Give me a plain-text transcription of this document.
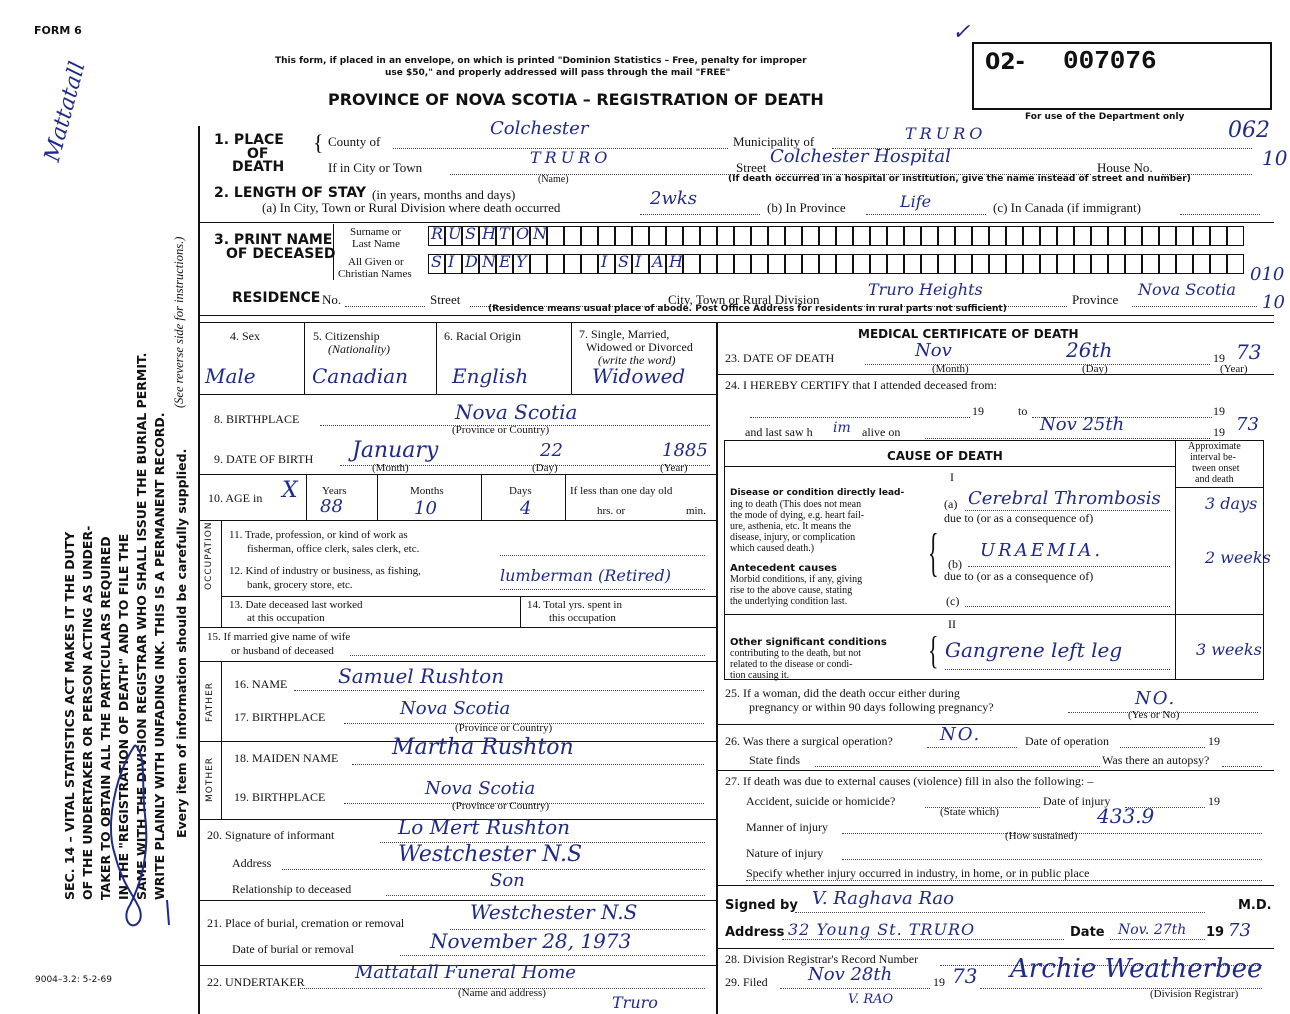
FORM 6
This form, if placed in an envelope, on which is printed "Dominion Statistics – Free, penalty for improper
use $50," and properly addressed will pass through the mail "FREE"
PROVINCE OF NOVA SCOTIA – REGISTRATION OF DEATH
✓
02- 007076
For use of the Department only
SEC. 14 – VITAL STATISTICS ACT MAKES IT THE DUTY OF THE UNDERTAKER OR PERSON ACTING AS UNDER- TAKER TO OBTAIN ALL THE PARTICULARS REQUIRED IN THE "REGISTRATION OF DEATH" AND TO FILE THE SAME WITH THE DIVISION REGISTRAR WHO SHALL ISSUE THE BURIAL PERMIT. WRITE PLAINLY WITH UNFADING INK. THIS IS A PERMANENT RECORD. Every item of information should be carefully supplied.
(See reverse side for instructions.)
Mattatall
9004–3.2: 5-2-69
1. PLACE
OF
DEATH
{ County of
Colchester
Municipality of	TRURO	062
If in City or Town
TRURO
(Name)
Street
Colchester Hospital
House No.	10
(If death occurred in a hospital or institution, give the name instead of street and number)
2. LENGTH OF STAY (in years, months and days)
(a) In City, Town or Rural Division where death occurred	2wks	(b) In Province	Life	(c) In Canada (if immigrant)
3. PRINT NAME
OF DECEASED
Surname or
Last Name
All Given or
Christian Names
R U S H T O N
S I D N E Y	I S I A H
RESIDENCE No.	Street	City, Town or Rural Division
Truro Heights
Province
Nova Scotia
010
10
(Residence means usual place of abode. Post Office Address for residents in rural parts not sufficient)
4. Sex
Male
5. Citizenship
(Nationality)
Canadian
6. Racial Origin
English
7. Single, Married,
Widowed or Divorced
(write the word)
Widowed
8. BIRTHPLACE	Nova Scotia
(Province or Country)
9. DATE OF BIRTH January	22	1885
(Month)	(Day)	(Year)
10. AGE in X Years
88
Months
10
Days
4
If less than one day old
hrs. or	min.
OCCUPATION 11. Trade, profession, or kind of work as
fisherman, office clerk, sales clerk, etc.
12. Kind of industry or business, as fishing,
bank, grocery store, etc.	lumberman (Retired)
13. Date deceased last worked
at this occupation
14. Total yrs. spent in
this occupation
15. If married give name of wife
or husband of deceased
FATHER
MOTHER
16. NAME	Samuel Rushton
17. BIRTHPLACE	Nova Scotia
(Province or Country)
18. MAIDEN NAME Martha Rushton
19. BIRTHPLACE	Nova Scotia
(Province or Country)
20. Signature of informant	Lo Mert Rushton
Address	Westchester N.S
Relationship to deceased	Son
21. Place of burial, cremation or removal	Westchester N.S
Date of burial or removal	November 28, 1973
22. UNDERTAKER	Mattatall Funeral Home
(Name and address)	Truro
MEDICAL CERTIFICATE OF DEATH
23. DATE OF DEATH	Nov	26th	19 73
(Month)	(Day)	(Year)
24. I HEREBY CERTIFY that I attended deceased from:
19	to	19
and last saw h im alive on	Nov 25th	19 73
CAUSE OF DEATH
Approximate
interval be-
tween onset
and death
I
Disease or condition directly lead-
ing to death (This does not mean
the mode of dying, e.g. heart fail-
ure, asthenia, etc. It means the
disease, injury, or complication
which caused death.)
(a) Cerebral Thrombosis	3 days
due to (or as a consequence of)
{ (b)
URAEMIA.	2 weeks
due to (or as a consequence of)
Antecedent causes
Morbid conditions, if any, giving
rise to the above cause, stating
the underlying condition last.	(c)
II
Other significant conditions
contributing to the death, but not
related to the disease or condi-
tion causing it.
{ Gangrene left leg	3 weeks
25. If a woman, did the death occur either during
pregnancy or within 90 days following pregnancy?	NO.
(Yes or No)
26. Was there a surgical operation?	NO.	Date of operation	19
State finds	Was there an autopsy?
27. If death was due to external causes (violence) fill in also the following: –
Accident, suicide or homicide?
(State which)
Date of injury	19
433.9
Manner of injury
(How sustained)
Nature of injury
Specify whether injury occurred in industry, in home, or in public place
Signed by V. Raghava Rao	M.D.
Address 32 Young St. TRURO	Date Nov. 27th 19 73
28. Division Registrar's Record Number
29. Filed Nov 28th	19 73 Archie Weatherbee
(Division Registrar)
V. RAO
